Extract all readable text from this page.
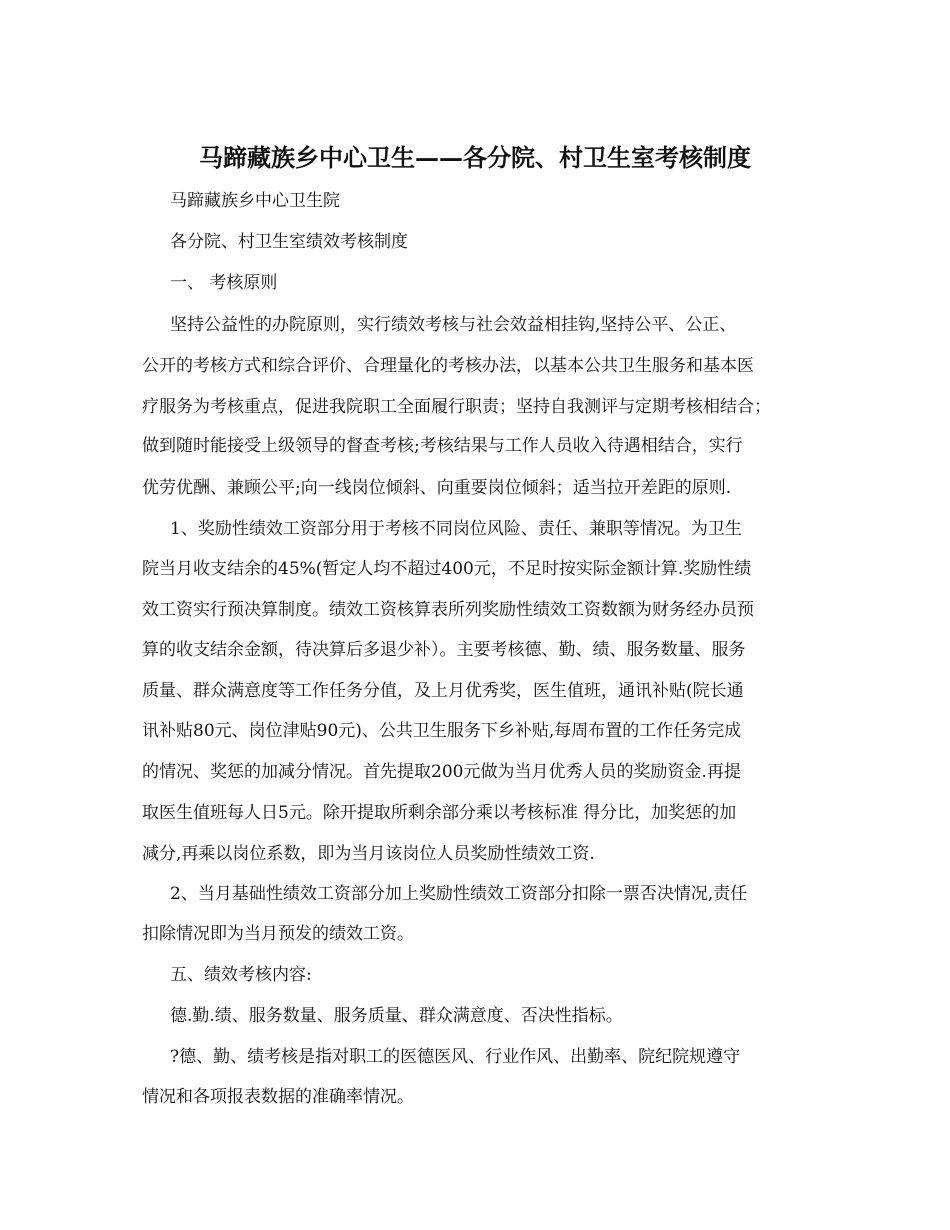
马蹄藏族乡中心卫生——各分院、村卫生室考核制度
马蹄藏族乡中心卫生院
各分院、村卫生室绩效考核制度
一、 考核原则
坚持公益性的办院原则，实行绩效考核与社会效益相挂钩,坚持公平、公正、
公开的考核方式和综合评价、合理量化的考核办法，以基本公共卫生服务和基本医
疗服务为考核重点，促进我院职工全面履行职责；坚持自我测评与定期考核相结合；
做到随时能接受上级领导的督查考核;考核结果与工作人员收入待遇相结合，实行
优劳优酬、兼顾公平;向一线岗位倾斜、向重要岗位倾斜；适当拉开差距的原则.
1、奖励性绩效工资部分用于考核不同岗位风险、责任、兼职等情况。为卫生
院当月收支结余的45%(暂定人均不超过400元，不足时按实际金额计算.奖励性绩
效工资实行预决算制度。绩效工资核算表所列奖励性绩效工资数额为财务经办员预
算的收支结余金额，待决算后多退少补）。主要考核德、勤、绩、服务数量、服务
质量、群众满意度等工作任务分值，及上月优秀奖，医生值班，通讯补贴(院长通
讯补贴80元、岗位津贴90元)、公共卫生服务下乡补贴,每周布置的工作任务完成
的情况、奖惩的加减分情况。首先提取200元做为当月优秀人员的奖励资金.再提
取医生值班每人日5元。除开提取所剩余部分乘以考核标准 得分比，加奖惩的加
减分,再乘以岗位系数，即为当月该岗位人员奖励性绩效工资.
2、当月基础性绩效工资部分加上奖励性绩效工资部分扣除一票否决情况,责任
扣除情况即为当月预发的绩效工资。
五、绩效考核内容:
德.勤.绩、服务数量、服务质量、群众满意度、否决性指标。
?德、勤、绩考核是指对职工的医德医风、行业作风、出勤率、院纪院规遵守
情况和各项报表数据的准确率情况。
